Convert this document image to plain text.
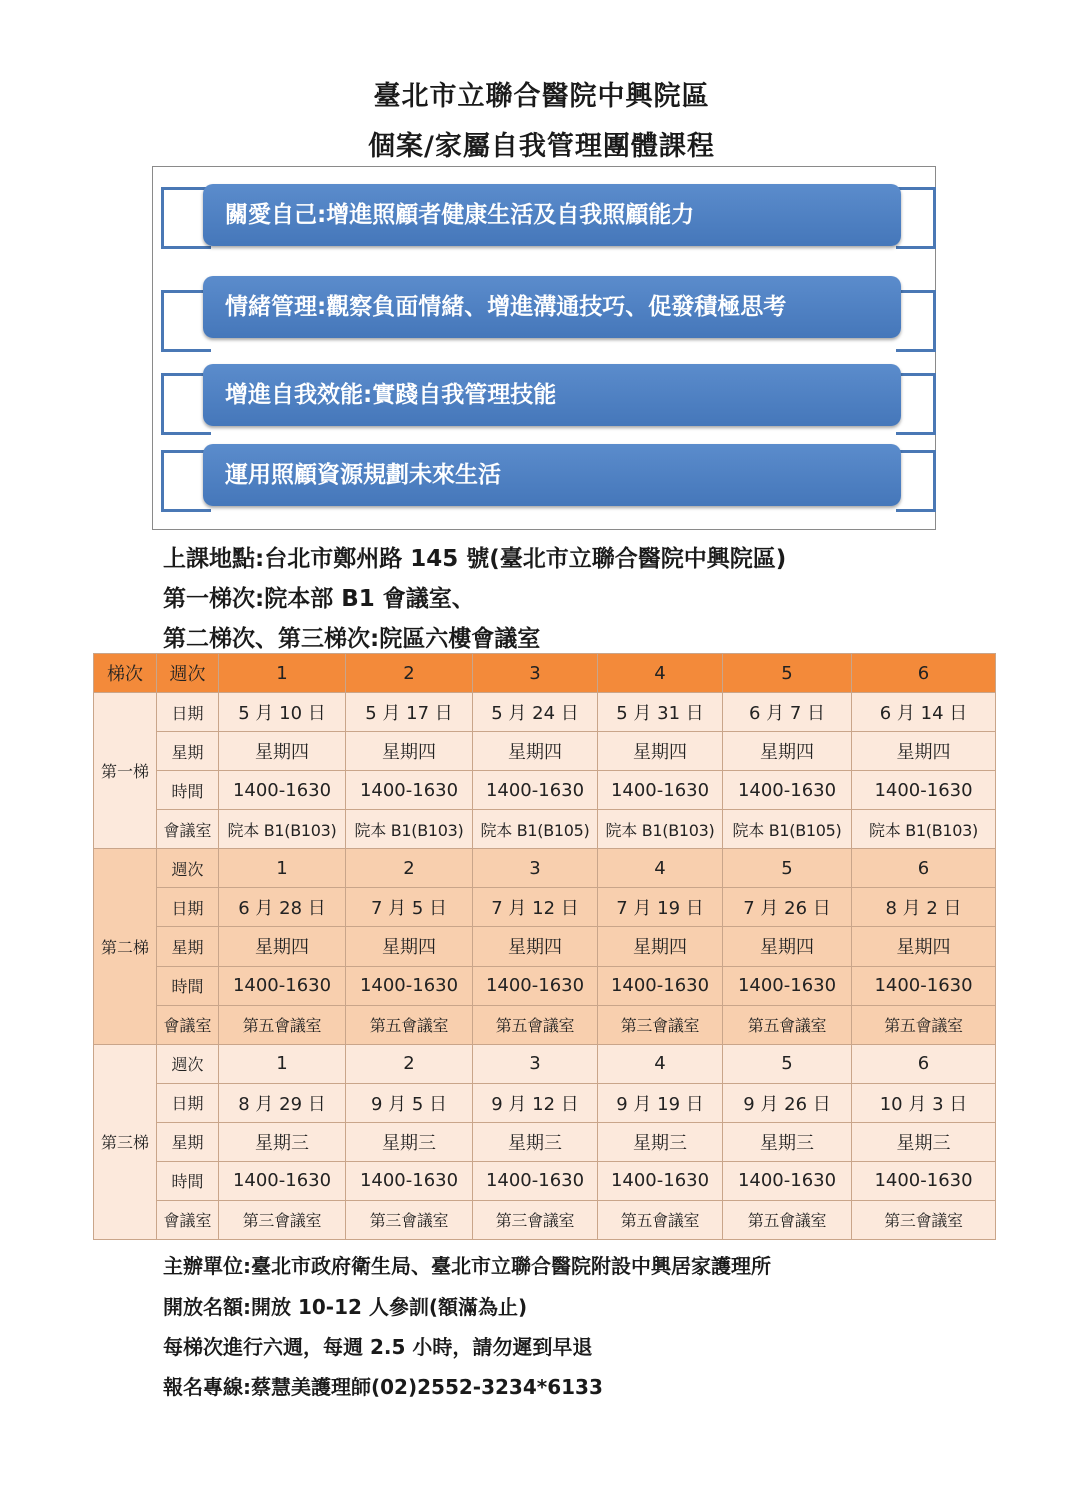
臺北市立聯合醫院中興院區
個案/家屬自我管理團體課程
關愛自己:增進照顧者健康生活及自我照顧能力
情緒管理:觀察負面情緒、增進溝通技巧、促發積極思考
增進自我效能:實踐自我管理技能
運用照顧資源規劃未來生活
上課地點:台北市鄭州路 145 號(臺北市立聯合醫院中興院區)
第一梯次:院本部 B1 會議室、
第二梯次、第三梯次:院區六樓會議室
梯次	週次	1	2	3	4	5	6
第一梯	日期	5 月 10 日	5 月 17 日	5 月 24 日	5 月 31 日	6 月 7 日	6 月 14 日
	星期	星期四	星期四	星期四	星期四	星期四	星期四
	時間	1400-1630	1400-1630	1400-1630	1400-1630	1400-1630	1400-1630
	會議室	院本 B1(B103)	院本 B1(B103)	院本 B1(B105)	院本 B1(B103)	院本 B1(B105)	院本 B1(B103)
第二梯	週次	1	2	3	4	5	6
	日期	6 月 28 日	7 月 5 日	7 月 12 日	7 月 19 日	7 月 26 日	8 月 2 日
	星期	星期四	星期四	星期四	星期四	星期四	星期四
	時間	1400-1630	1400-1630	1400-1630	1400-1630	1400-1630	1400-1630
	會議室	第五會議室	第五會議室	第五會議室	第三會議室	第五會議室	第五會議室
第三梯	週次	1	2	3	4	5	6
	日期	8 月 29 日	9 月 5 日	9 月 12 日	9 月 19 日	9 月 26 日	10 月 3 日
	星期	星期三	星期三	星期三	星期三	星期三	星期三
	時間	1400-1630	1400-1630	1400-1630	1400-1630	1400-1630	1400-1630
	會議室	第三會議室	第三會議室	第三會議室	第五會議室	第五會議室	第三會議室
主辦單位:臺北市政府衛生局、臺北市立聯合醫院附設中興居家護理所
開放名額:開放 10-12 人參訓(額滿為止)
每梯次進行六週，每週 2.5 小時，請勿遲到早退
報名專線:蔡慧美護理師(02)2552-3234*6133
